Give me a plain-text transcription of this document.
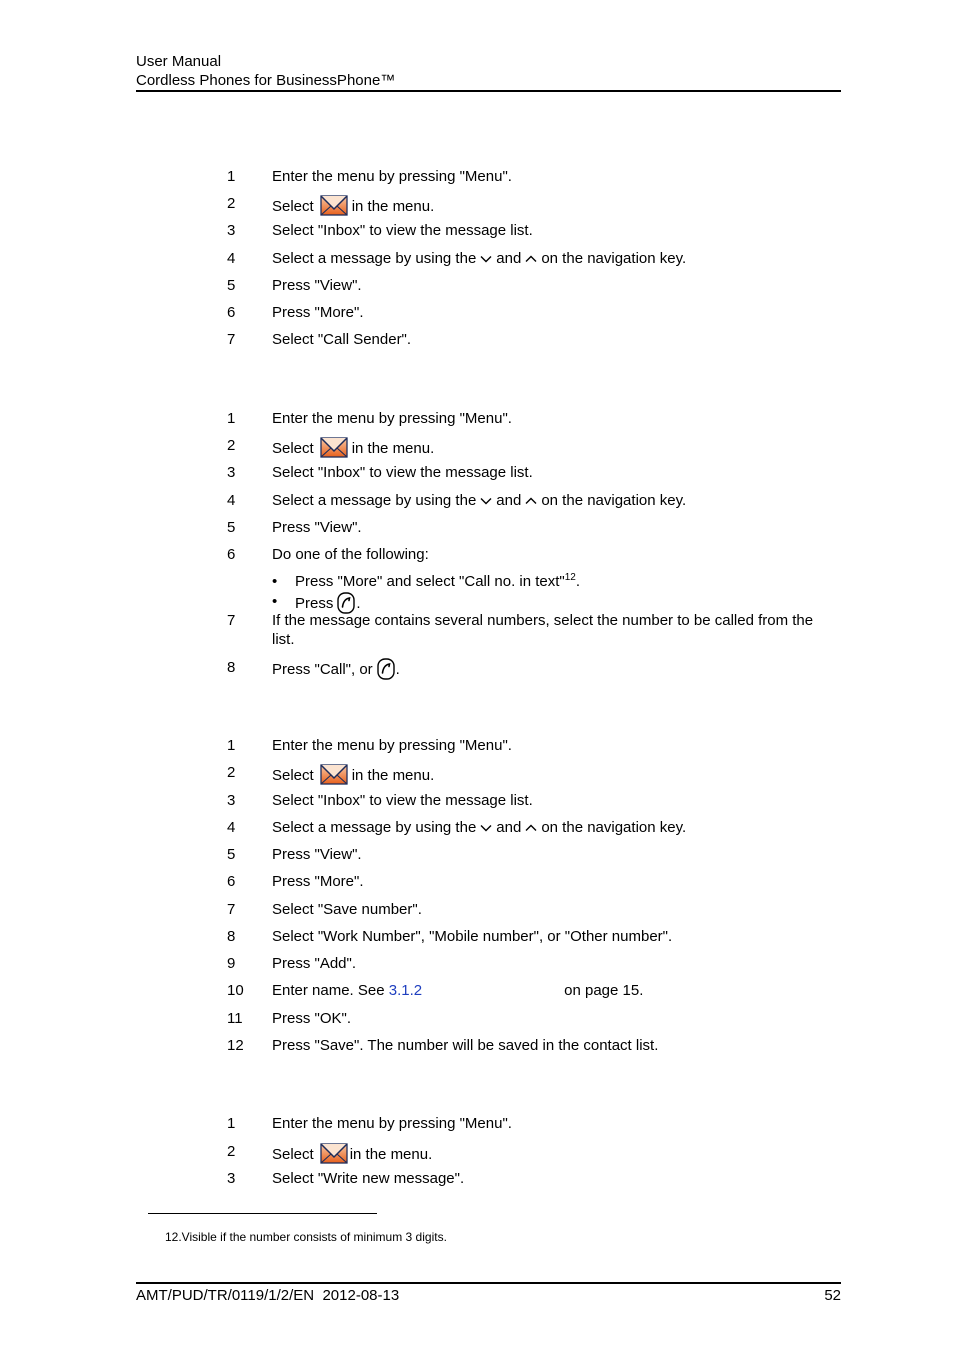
User Manual
Cordless Phones for BusinessPhone™
1 Enter the menu by pressing "Menu".
2 Select	in the menu.
3 Select "Inbox" to view the message list.
4 Select a message by using the and on the navigation key.
5 Press "View".
6 Press "More".
7 Select "Call Sender".
1 Enter the menu by pressing "Menu".
2 Select	in the menu.
3 Select "Inbox" to view the message list.
4 Select a message by using the and on the navigation key.
5 Press "View".
6 Do one of the following:
• Press "More" and select "Call no. in text"$^{12}$.
• Press .
7 If the message contains several numbers, select the number to be called from the list.
8 Press "Call", or .
1 Enter the menu by pressing "Menu".
2 Select	in the menu.
3 Select "Inbox" to view the message list.
4 Select a message by using the and on the navigation key.
5 Press "View".
6 Press "More".
7 Select "Save number".
8 Select "Work Number", "Mobile number", or "Other number".
9 Press "Add".
10 Enter name. See 3.1.2	on page 15.
11 Press "OK".
12 Press "Save". The number will be saved in the contact list.
1 Enter the menu by pressing "Menu".
2 Select in the menu.
3 Select "Write new message".
12.Visible if the number consists of minimum 3 digits.
AMT/PUD/TR/0119/1/2/EN 2012-08-13	52
